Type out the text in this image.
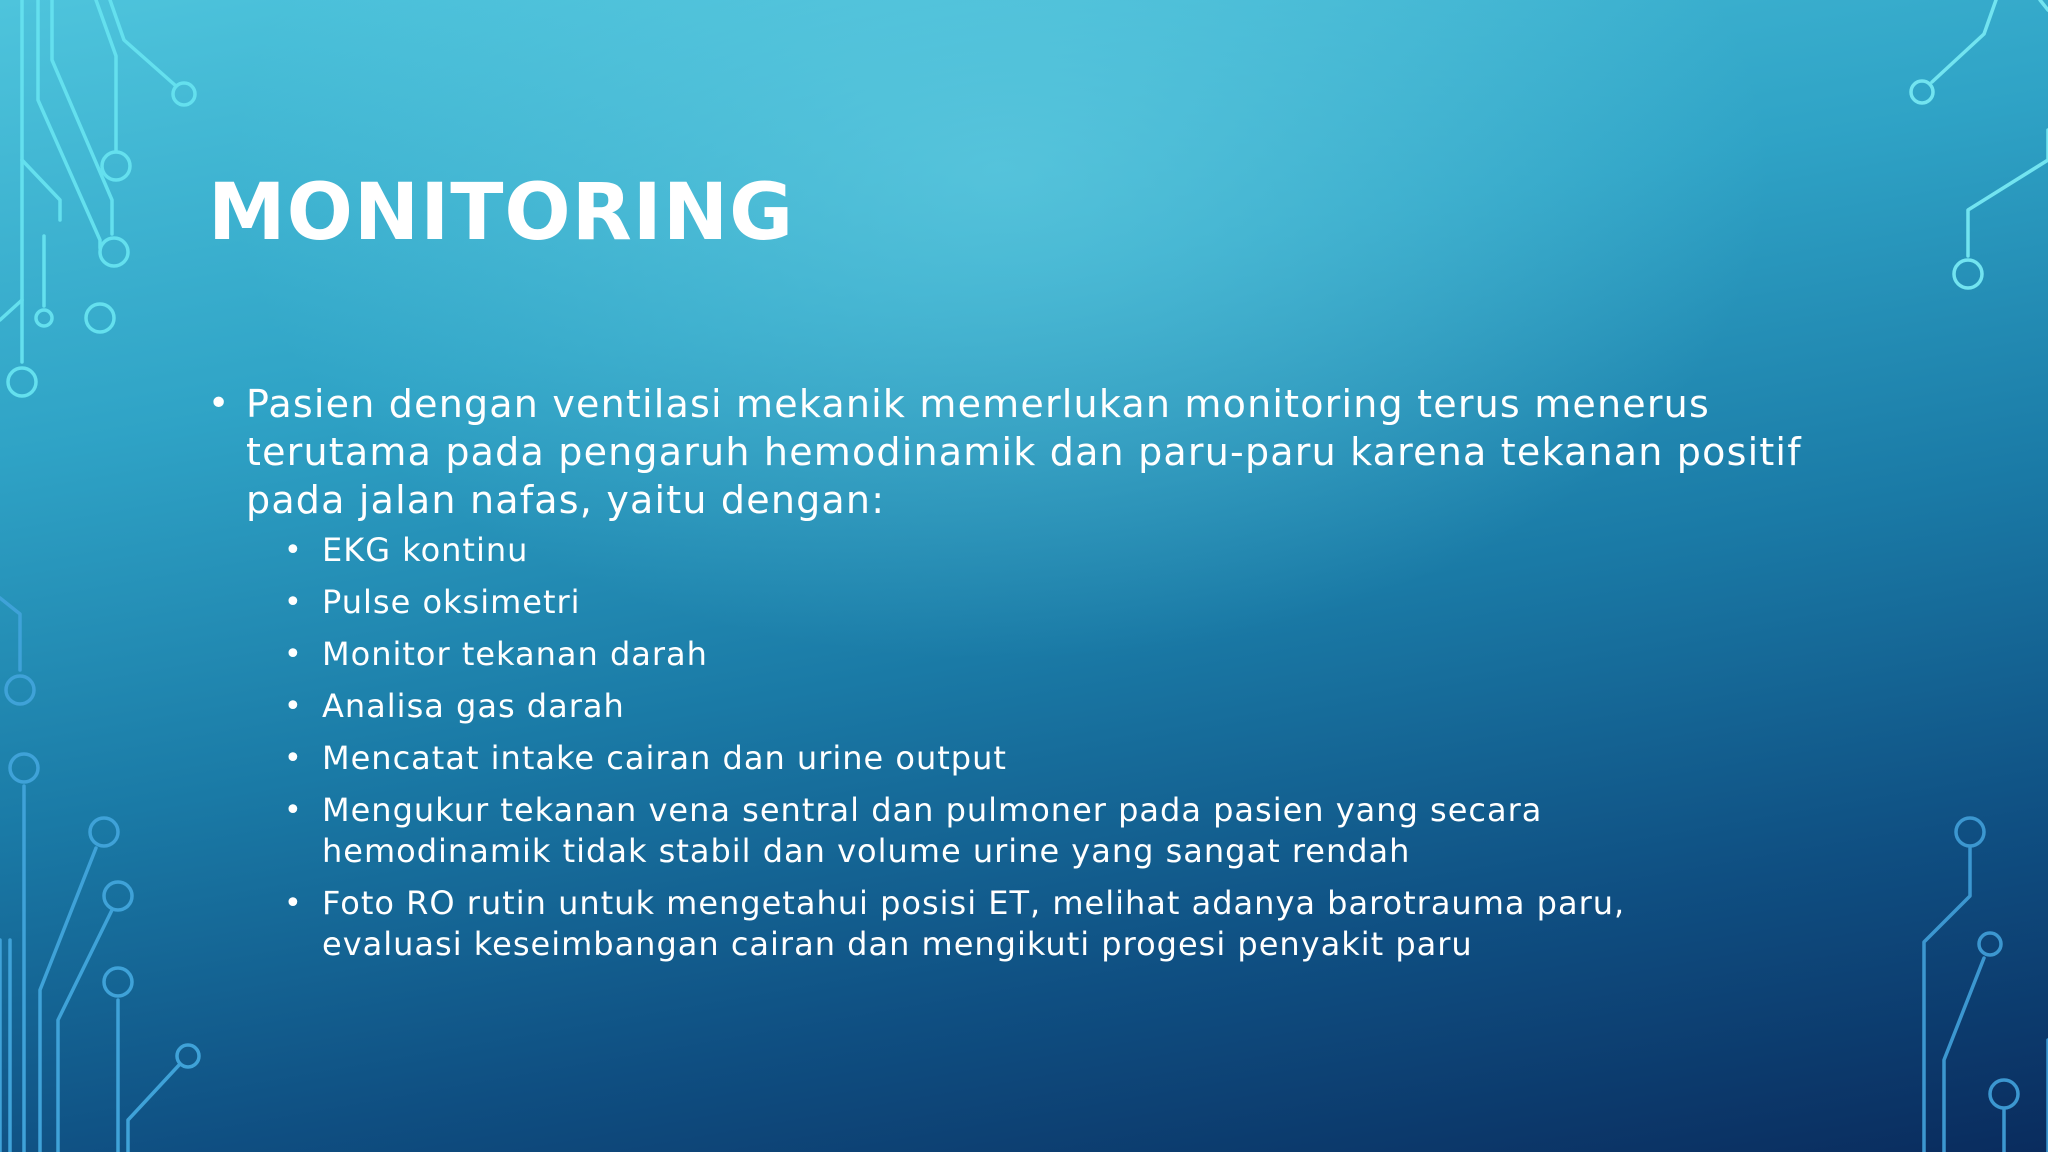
MONITORING
• Pasien dengan ventilasi mekanik memerlukan monitoring terus menerus terutama pada pengaruh hemodinamik dan paru-paru karena tekanan positif pada jalan nafas, yaitu dengan:
• EKG kontinu
• Pulse oksimetri
• Monitor tekanan darah
• Analisa gas darah
• Mencatat intake cairan dan urine output
• Mengukur tekanan vena sentral dan pulmoner pada pasien yang secara hemodinamik tidak stabil dan volume urine yang sangat rendah
• Foto RO rutin untuk mengetahui posisi ET, melihat adanya barotrauma paru, evaluasi keseimbangan cairan dan mengikuti progesi penyakit paru
